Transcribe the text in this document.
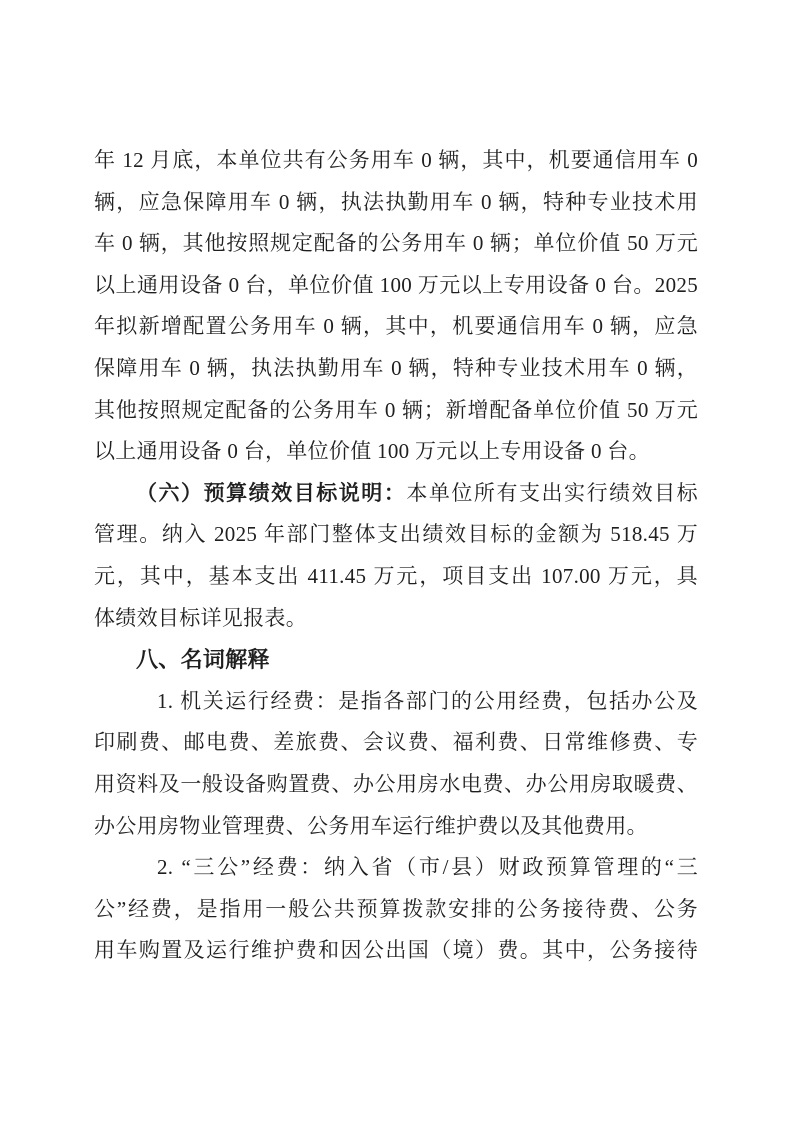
年 12 月底，本单位共有公务用车 0 辆，其中，机要通信用车 0
辆，应急保障用车 0 辆，执法执勤用车 0 辆，特种专业技术用
车 0 辆，其他按照规定配备的公务用车 0 辆；单位价值 50 万元
以上通用设备 0 台，单位价值 100 万元以上专用设备 0 台。2025
年拟新增配置公务用车 0 辆，其中，机要通信用车 0 辆，应急
保障用车 0 辆，执法执勤用车 0 辆，特种专业技术用车 0 辆，
其他按照规定配备的公务用车 0 辆；新增配备单位价值 50 万元
以上通用设备 0 台，单位价值 100 万元以上专用设备 0 台。
（六）预算绩效目标说明：本单位所有支出实行绩效目标
管理。纳入 2025 年部门整体支出绩效目标的金额为 518.45 万
元，其中，基本支出 411.45 万元，项目支出 107.00 万元，具
体绩效目标详见报表。
八、名词解释
1. 机关运行经费：是指各部门的公用经费，包括办公及
印刷费、邮电费、差旅费、会议费、福利费、日常维修费、专
用资料及一般设备购置费、办公用房水电费、办公用房取暖费、
办公用房物业管理费、公务用车运行维护费以及其他费用。
2. “三公”经费：纳入省（市/县）财政预算管理的“三
公”经费，是指用一般公共预算拨款安排的公务接待费、公务
用车购置及运行维护费和因公出国（境）费。其中，公务接待
